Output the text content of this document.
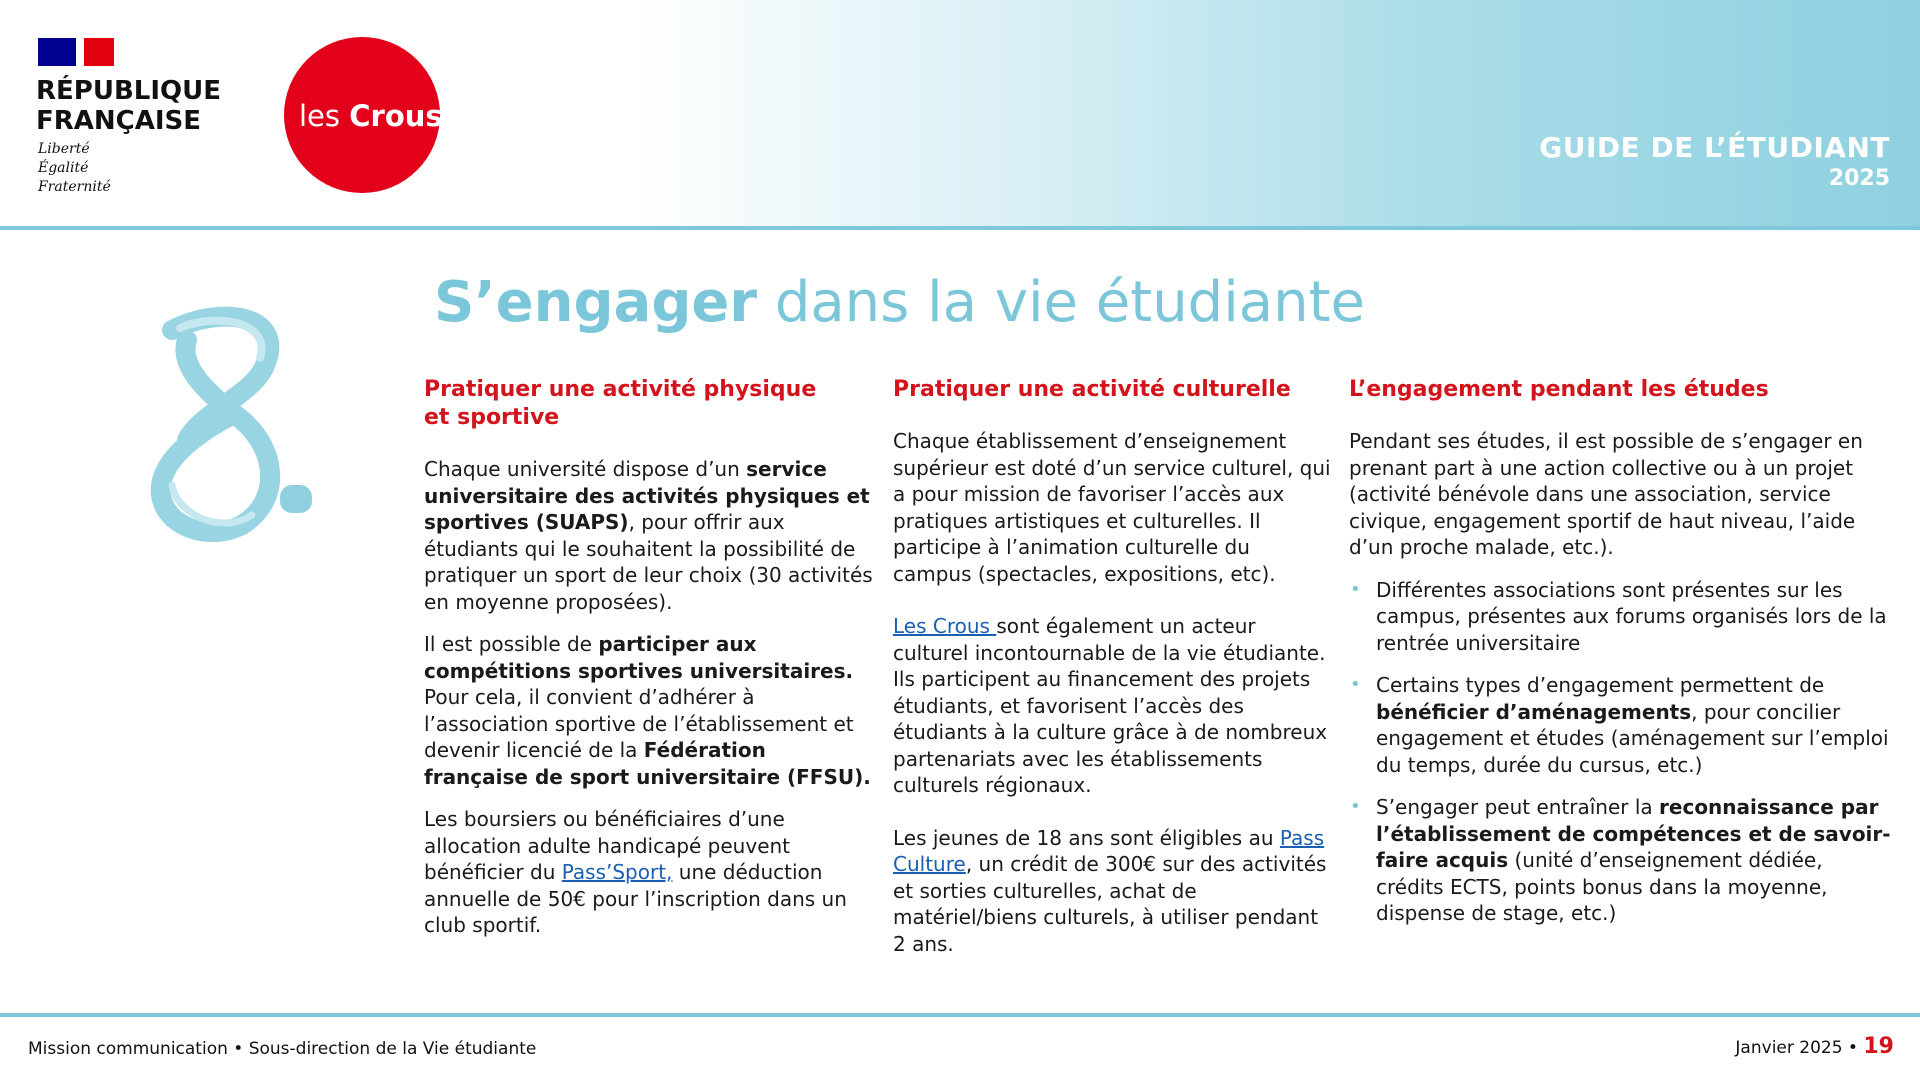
RÉPUBLIQUE
FRANÇAISE
Liberté
Égalité
Fraternité
les Crous
GUIDE DE L’ÉTUDIANT
2025
S’engager dans la vie étudiante
8.
Pratiquer une activité physique et sportive

Chaque université dispose d’un service universitaire des activités physiques et sportives (SUAPS), pour offrir aux étudiants qui le souhaitent la possibilité de pratiquer un sport de leur choix (30 activités en moyenne proposées).

Il est possible de participer aux compétitions sportives universitaires. Pour cela, il convient d’adhérer à l’association sportive de l’établissement et devenir licencié de la Fédération française de sport universitaire (FFSU).

Les boursiers ou bénéficiaires d’une allocation adulte handicapé peuvent bénéficier du Pass’Sport, une déduction annuelle de 50€ pour l’inscription dans un club sportif.

Pratiquer une activité culturelle

Chaque établissement d’enseignement supérieur est doté d’un service culturel, qui a pour mission de favoriser l’accès aux pratiques artistiques et culturelles. Il participe à l’animation culturelle du campus (spectacles, expositions, etc).

Les Crous sont également un acteur culturel incontournable de la vie étudiante. Ils participent au financement des projets étudiants, et favorisent l’accès des étudiants à la culture grâce à de nombreux partenariats avec les établissements culturels régionaux.

Les jeunes de 18 ans sont éligibles au Pass Culture, un crédit de 300€ sur des activités et sorties culturelles, achat de matériel/biens culturels, à utiliser pendant 2 ans.

L’engagement pendant les études

Pendant ses études, il est possible de s’engager en prenant part à une action collective ou à un projet (activité bénévole dans une association, service civique, engagement sportif de haut niveau, l’aide d’un proche malade, etc.).

• Différentes associations sont présentes sur les campus, présentes aux forums organisés lors de la rentrée universitaire
• Certains types d’engagement permettent de bénéficier d’aménagements, pour concilier engagement et études (aménagement sur l’emploi du temps, durée du cursus, etc.)
• S’engager peut entraîner la reconnaissance par l’établissement de compétences et de savoir-faire acquis (unité d’enseignement dédiée, crédits ECTS, points bonus dans la moyenne, dispense de stage, etc.)
Mission communication • Sous-direction de la Vie étudiante	Janvier 2025 • 19
